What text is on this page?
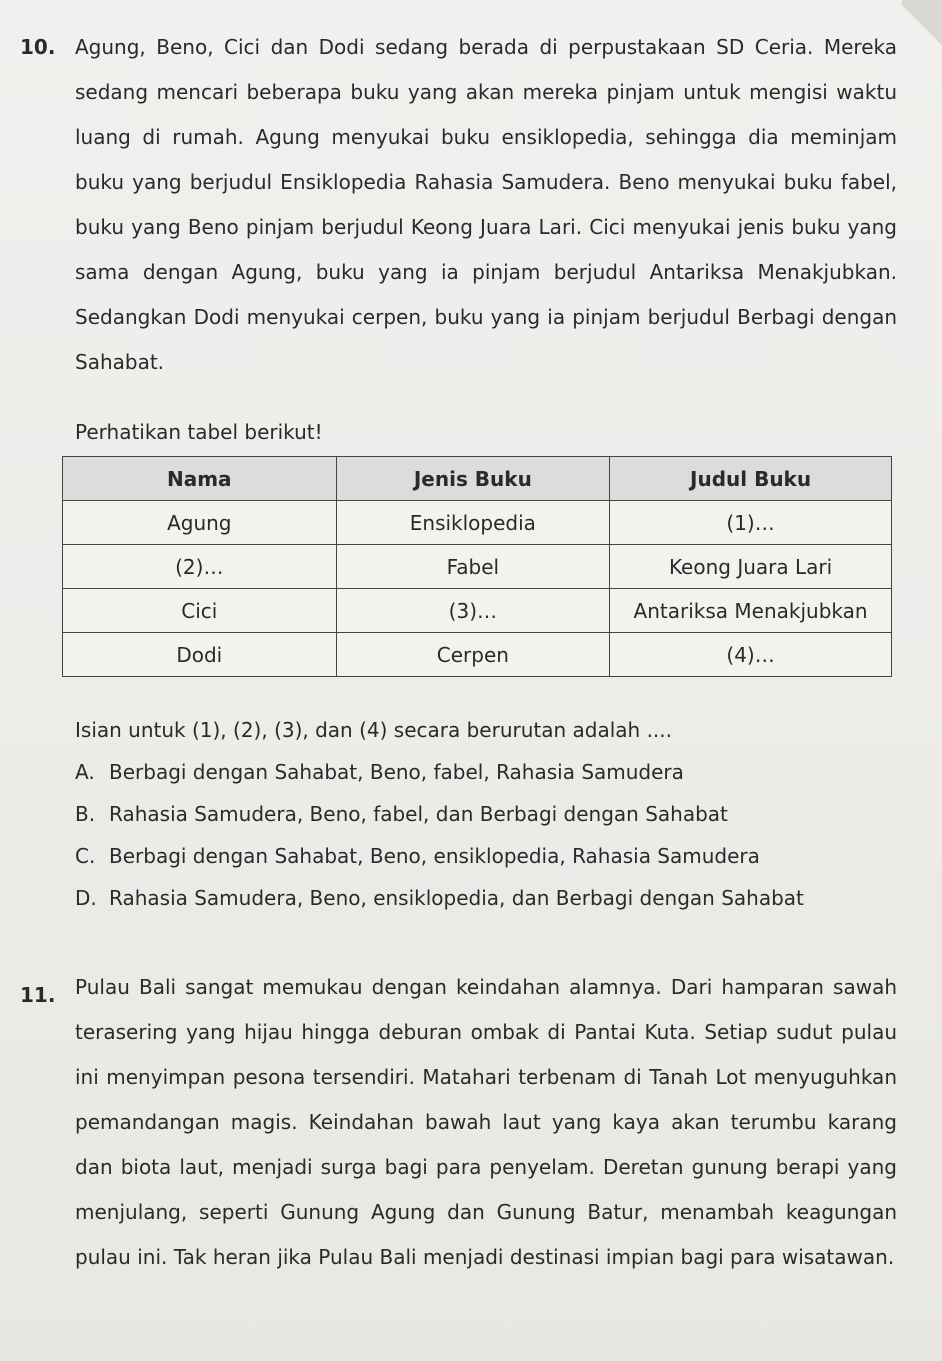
10. Agung, Beno, Cici dan Dodi sedang berada di perpustakaan SD Ceria. Mereka sedang mencari beberapa buku yang akan mereka pinjam untuk mengisi waktu luang di rumah. Agung menyukai buku ensiklopedia, sehingga dia meminjam buku yang berjudul Ensiklopedia Rahasia Samudera. Beno menyukai buku fabel, buku yang Beno pinjam berjudul Keong Juara Lari. Cici menyukai jenis buku yang sama dengan Agung, buku yang ia pinjam berjudul Antariksa Menakjubkan. Sedangkan Dodi menyukai cerpen, buku yang ia pinjam berjudul Berbagi dengan Sahabat.

Perhatikan tabel berikut!
Nama	Jenis Buku	Judul Buku
Agung	Ensiklopedia	(1)…
(2)…	Fabel	Keong Juara Lari
Cici	(3)…	Antariksa Menakjubkan
Dodi	Cerpen	(4)…
Isian untuk (1), (2), (3), dan (4) secara berurutan adalah ....
A. Berbagi dengan Sahabat, Beno, fabel, Rahasia Samudera
B. Rahasia Samudera, Beno, fabel, dan Berbagi dengan Sahabat
C. Berbagi dengan Sahabat, Beno, ensiklopedia, Rahasia Samudera
D. Rahasia Samudera, Beno, ensiklopedia, dan Berbagi dengan Sahabat
11. Pulau Bali sangat memukau dengan keindahan alamnya. Dari hamparan sawah terasering yang hijau hingga deburan ombak di Pantai Kuta. Setiap sudut pulau ini menyimpan pesona tersendiri. Matahari terbenam di Tanah Lot menyuguhkan pemandangan magis. Keindahan bawah laut yang kaya akan terumbu karang dan biota laut, menjadi surga bagi para penyelam. Deretan gunung berapi yang menjulang, seperti Gunung Agung dan Gunung Batur, menambah keagungan pulau ini. Tak heran jika Pulau Bali menjadi destinasi impian bagi para wisatawan.
